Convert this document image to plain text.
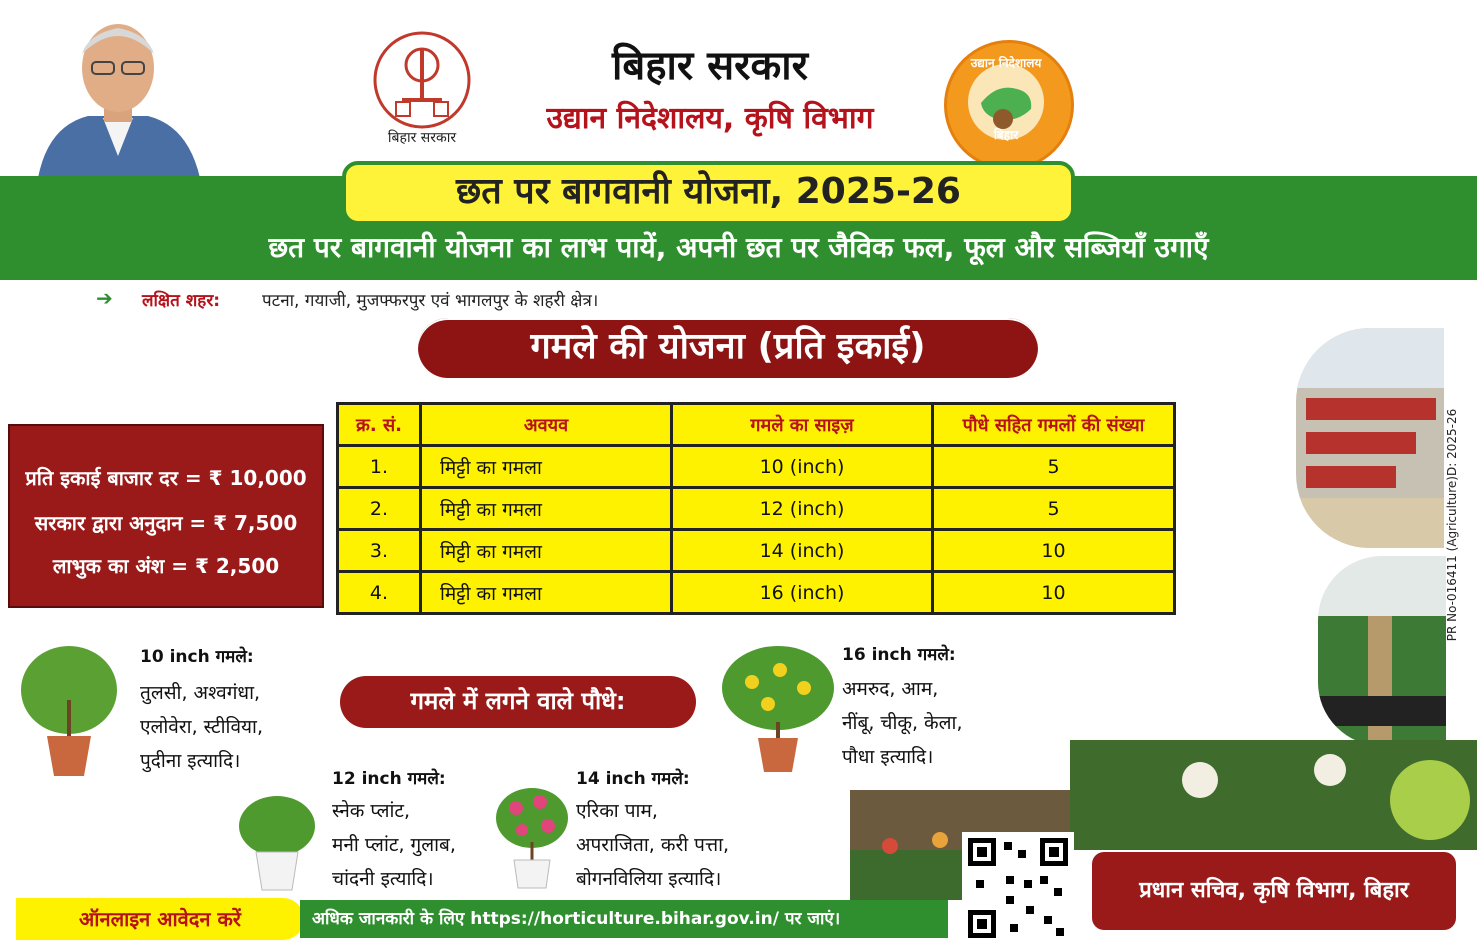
बिहार सरकार
बिहार सरकार
उद्यान निदेशालय, कृषि विभाग
उद्यान निदेशालय
बिहार
छत पर बागवानी योजना, 2025-26
छत पर बागवानी योजना का लाभ पायें, अपनी छत पर जैविक फल, फूल और सब्जियाँ उगाएँ
➔ लक्षित शहर: पटना, गयाजी, मुजफ्फरपुर एवं भागलपुर के शहरी क्षेत्र।
गमले की योजना (प्रति इकाई)
प्रति इकाई बाजार दर = ₹ 10,000
सरकार द्वारा अनुदान = ₹ 7,500
लाभुक का अंश = ₹ 2,500
क्र. सं.	अवयव	गमले का साइज़	पौधे सहित गमलों की संख्या
1.	मिट्टी का गमला	10 (inch)	5
2.	मिट्टी का गमला	12 (inch)	5
3.	मिट्टी का गमला	14 (inch)	10
4.	मिट्टी का गमला	16 (inch)	10	PR No-016411 (Agriculture)D: 2025-26
10 inch गमले:
तुलसी, अश्वगंधा,
एलोवेरा, स्टीविया,
पुदीना इत्यादि।
गमले में लगने वाले पौधे:
12 inch गमले:
स्नेक प्लांट,
मनी प्लांट, गुलाब,
चांदनी इत्यादि।
14 inch गमले:
एरिका पाम,
अपराजिता, करी पत्ता,
बोगनविलिया इत्यादि।
16 inch गमले:
अमरुद, आम,
नींबू, चीकू, केला,
पौधा इत्यादि।
ऑनलाइन आवेदन करें	अधिक जानकारी के लिए https://horticulture.bihar.gov.in/ पर जाएं।
प्रधान सचिव, कृषि विभाग, बिहार
